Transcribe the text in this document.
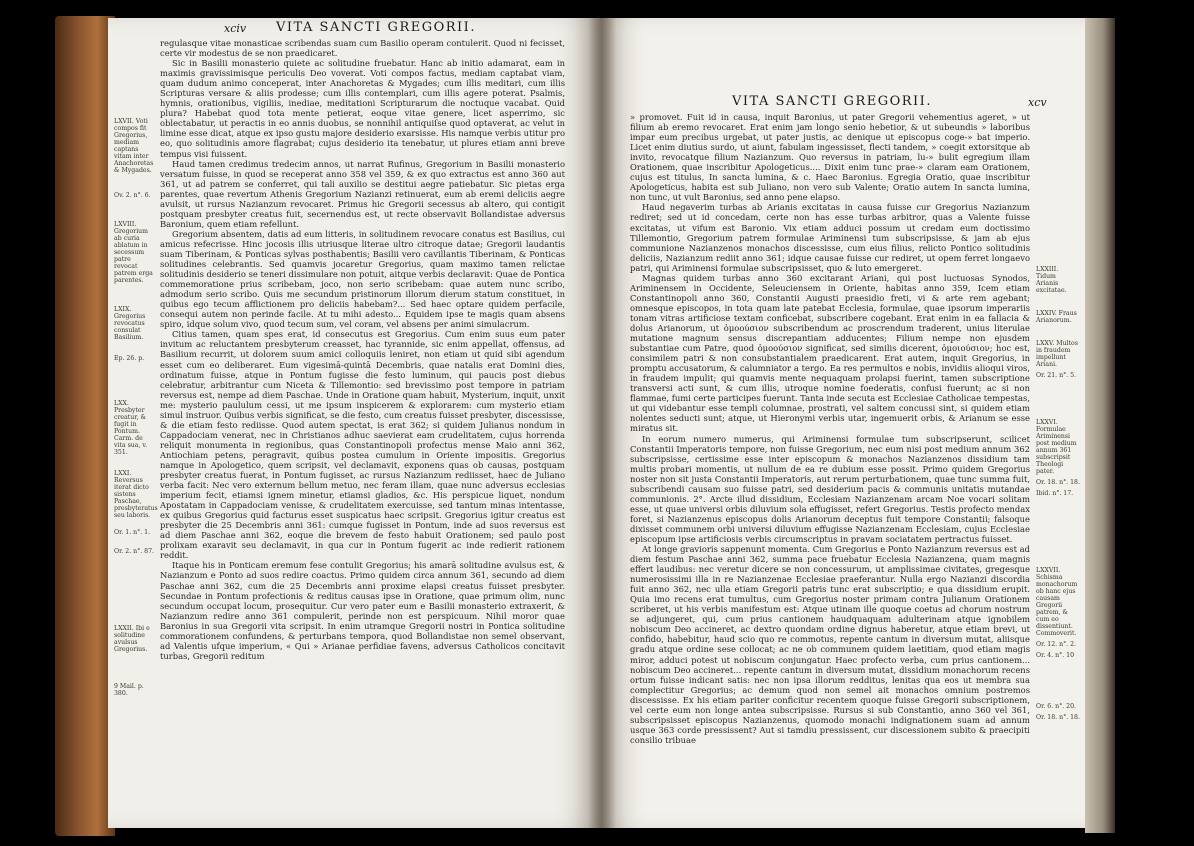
xciv VITA SANCTI GREGORII.

LXVII. Voti compos fit Gregorius, mediam captans vitam inter Anachoretas & Mygades.

Ov. 2. n°. 6.

LXVIII. Gregorium ab curia ablatum in secessum patre revocat patrem erga parentes.

LXIX. Gregorius revocatus consulat Basilium.

Ep. 26. p.

LXX. Presbyter creatur, & fugit in Pontum. Carm. de vita sua, v. 351.

LXXI. Reversus iterat dicto sistens Paschae, presbyteratus seu laboris.

Or. 1. n°. 1.

Or. 2. n°. 87.

LXXII. Ibi e solitudine avulsus Gregorius.

9 Mail. p. 380.

regulasque vitae monasticae scribendas suam cum Basilio operam contulerit. Quod ni fecisset, certe vir modestus de se non praedicaret.

Sic in Basilii monasterio quiete ac solitudine fruebatur. Hanc ab initio adamarat, eam in maximis gravissimisque periculis Deo voverat. Voti compos factus, mediam captabat viam, quam dudum animo conceperat, inter Anachoretas & Mygades; cum illis meditari, cum illis Scripturas versare & aliis prodesse; cum illis contemplari, cum illis agere poterat. Psalmis, hymnis, orationibus, vigiliis, inediae, meditationi Scripturarum die noctuque vacabat. Quid plura? Habebat quod tota mente petierat, eoque vitae genere, licet asperrimo, sic oblectabatur, ut peractis in eo annis duobus, se nonnihil antiquiſse quod optaverat, ac velut in limine esse dicat, atque ex ipso gustu majore desiderio exarsisse. His namque verbis utitur pro eo, quo solitudinis amore flagrabat; cujus desiderio ita tenebatur, ut plures etiam anni breve tempus visi fuissent.

Haud tamen credimus tredecim annos, ut narrat Rufinus, Gregorium in Basilii monasterio versatum fuisse, in quod se receperat anno 358 vel 359, & ex quo extractus est anno 360 aut 361, ut ad patrem se conferret, qui tali auxilio se destitui aegre patiebatur. Sic pietas erga parentes, quae revertum Athenis Gregorium Nazianzi retinuerat, eum ab eremi deliciis aegre avulsit, ut rursus Nazianzum revocaret. Primus hic Gregorii secessus ab altero, qui contigit postquam presbyter creatus fuit, secernendus est, ut recte observavit Bollandistae adversus Baronium, quem etiam refellunt.

Gregorium absentem, datis ad eum litteris, in solitudinem revocare conatus est Basilius, cui amicus refecrisse. Hinc jocosis illis utriusque literae ultro citroque datae; Gregorii laudantis suam Tiberinam, & Ponticas sylvas posthabentis; Basilii vero cavillantis Tiberinam, & Ponticas solitudines celebrantis. Sed quamvis jocaretur Gregorius, quam maximo tamen relictae solitudinis desiderio se teneri dissimulare non potuit, aitque verbis declaravit: Quae de Pontica commemoratione prius scribebam, joco, non serio scribebam: quae autem nunc scribo, admodum serio scribo. Quis me secundum pristinorum illorum dierum statum constituet, in quibus ego tecum afflictionem pro deliciis habebam?... Sed haec optare quidem perfacile, consequi autem non perinde facile. At tu mihi adesto... Equidem ipse te magis quam absens spiro, idque solum vivo, quod tecum sum, vel coram, vel absens per animi simulacrum.

Citius tamen, quam spes erat, id consecutus est Gregorius. Cum enim suus eum pater invitum ac reluctantem presbyterum creasset, hac tyrannide, sic enim appellat, offensus, ad Basilium recurrit, ut dolorem suum amici colloquiis leniret, non etiam ut quid sibi agendum esset cum eo deliberaret. Eum vigesimā-quintā Decembris, quae natalis erat Domini dies, ordinatum fuisse, atque in Pontum fugisse die festo luminum, qui paucis post diebus celebratur, arbitrantur cum Niceta & Tillemontio: sed brevissimo post tempore in patriam reversus est, nempe ad diem Paschae. Unde in Oratione quam habuit, Mysterium, inquit, unxit me: mysterio paululum cessi, ut me ipsum inspicerem & explorarem: cum mysterio etiam simul instruor. Quibus verbis significat, se die festo, cum creatus fuisset presbyter, discessisse, & die etiam festo rediisse. Quod autem spectat, is erat 362; si quidem Julianus nondum in Cappadociam venerat, nec in Christianos adhuc saevierat eam crudelitatem, cujus horrenda reliquit monumenta in regionibus, quas Constantinopoli profectus mense Maio anni 362, Antiochiam petens, peragravit, quibus postea cumulum in Oriente impositis. Gregorius namque in Apologetico, quem scripsit, vel declamavit, exponens quas ob causas, postquam presbyter creatus fuerat, in Pontum fugisset, ac rursus Nazianzum rediisset, haec de Juliano verba facit: Nec vero externum bellum metuo, nec feram illam, quae nunc adversus ecclesias imperium fecit, etiamsi ignem minetur, etiamsi gladios, &c. His perspicue liquet, nondum Apostatam in Cappadociam venisse, & crudelitatem exercuisse, sed tantum minas intentasse, ex quibus Gregorius quid facturus esset suspicatus haec scripsit. Gregorius igitur creatus est presbyter die 25 Decembris anni 361: cumque fugisset in Pontum, inde ad suos reversus est ad diem Paschae anni 362, eoque die brevem de festo habuit Orationem; sed paulo post prolixam exaravit seu declamavit, in qua cur in Pontum fugerit ac inde redierit rationem reddit.

Itaque his in Ponticam eremum fese contulit Gregorius; his amarā solitudine avulsus est, & Nazianzum e Ponto ad suos redire coactus. Primo quidem circa annum 361, secundo ad diem Paschae anni 362, cum die 25 Decembris anni proxime elapsi creatus fuisset presbyter. Secundae in Pontum profectionis & reditus causas ipse in Oratione, quae primum olim, nunc secundum occupat locum, prosequitur. Cur vero pater eum e Basilii monasterio extraxerit, & Nazianzum redire anno 361 compulerit, perinde non est perspicuum. Nihil moror quae Baronius in sua Gregorii vita scripsit. In enim utramque Gregorii nostri in Pontica solitudine commorationem confundens, & perturbans tempora, quod Bollandistae non semel observant, ad Valentis ufque imperium, « Qui » Arianae perfidiae favens, adversus Catholicos concitavit turbas, Gregorii reditum

VITA SANCTI GREGORII.	xcv

» promovet. Fuit id in causa, inquit Baronius, ut pater Gregorii vehementius ageret, » ut filium ab eremo revocaret. Erat enim jam longo senio hebetior, & ut subeundis » laboribus impar eum precibus urgebat, ut pater justis, ac denique ut episcopus coge-» bat imperio. Licet enim diutius surdo, ut aiunt, fabulam ingessisset, flecti tandem, » coegit extorsitque ab invito, revocatque filium Nazianzum. Quo reversus in patriam, lu-» bulit egregium illam Orationem, quae inscribitur Apologeticus.... Dixit enim tunc prae-» claram eam Orationem, cujus est titulus, In sancta lumina, & c. Haec Baronius. Egregia Oratio, quae inscribitur Apologeticus, habita est sub Juliano, non vero sub Valente; Oratio autem In sancta lumina, non tunc, ut vult Baronius, sed anno pene elapso.

Haud negaverim turbas ab Arianis excitatas in causa fuisse cur Gregorius Nazianzum rediret; sed ut id concedam, certe non has esse turbas arbitror, quas a Valente fuisse excitatas, ut vifum est Baronio. Vix etiam adduci possum ut credam eum doctissimo Tillemontio, Gregorium patrem formulae Ariminensi tum subscripsisse, & jam ab ejus communione Nazianzenos monachos discessisse, cum eius filius, relicto Pontico solitudinis deliciis, Nazianzum rediit anno 361; idque causae fuisse cur rediret, ut opem ferret longaevo patri, qui Ariminensi formulae subscripsisset, quo & luto emergeret.

Magnas quidem turbas anno 360 excitarant Ariani, qui post luctuosas Synodos, Ariminensem in Occidente, Seleuciensem in Oriente, habitas anno 359, Icem etiam Constantinopoli anno 360, Constantii Augusti praesidio freti, vi & arte rem agebant; omnesque episcopos, in tota quam late patebat Ecclesia, formulae, quae ipsorum imperariis tonam vitras artificiose textam conficebat, subscribere cogebant. Erat enim in ea fallacia & dolus Arianorum, ut ὁμοούσιον subscribendum ac proscrendum traderent, unius literulae mutatione magnum sensus discrepantiam adducentes; Filium nempe non ejusdem substantiae cum Patre, quod ὁμοούσιον significat, sed similis dicerent, ὁμοιούσιον; hoc est, consimilem patri & non consubstantialem praedicarent. Erat autem, inquit Gregorius, in promptu accusatorum, & calumniator a tergo. Ea res permultos e nobis, invidiis alioqui viros, in fraudem impulit; qui quamvis mente nequaquam prolapsi fuerint, tamen subscriptione transversi acti sunt, & cum illis, utroque nomine foederatis, confusi fuerunt; ac si non flammae, fumi certe participes fuerunt. Tanta inde secuta est Ecclesiae Catholicae tempestas, ut qui videbantur esse templi columnae, prostrati, vel saltem concussi sint, si quidem etiam nolentes seducti sunt; atque, ut Hieronymi verbis utar, ingemuerit orbis, & Arianum se esse miratus sit.

In eorum numero numerus, qui Ariminensi formulae tum subscripserunt, scilicet Constantii Imperatoris tempore, non fuisse Gregorium, nec eum nisi post medium annum 362 subscripsisse, certissime esse inter episcopum & monachos Nazianzenos dissidium tam multis probari momentis, ut nullum de ea re dubium esse possit. Primo quidem Gregorius noster non sit justa Constantii Imperatoris, aut rerum perturbationem, quae tunc summa fuit, subscribendi causam suo fuisse patri, sed desiderium pacis & communis unitatis mutandae communionis. 2°. Arcte illud dissidium, Ecclesiam Nazianzenam arcam Noe vocari solitam esse, ut quae universi orbis diluvium sola effugisset, refert Gregorius. Testis profecto mendax foret, si Nazianzenus episcopus dolis Arianorum deceptus fuit tempore Constantii; falsoque dixisset communem orbi universi diluvium effugisse Nazianzenam Ecclesiam, cujus Ecclesiae episcopum ipse artificiosis verbis circumscriptus in pravam sociatatem pertractus fuisset.

At longe gravioris sappenunt momenta. Cum Gregorius e Ponto Nazianzum reversus est ad diem festum Paschae anni 362, summa pace fruebatur Ecclesia Nazianzena, quam magnis effert laudibus: nec veretur dicere se non concessurum, ut amplissimae civitates, gregesque numerosissimi illa in re Nazianzenae Ecclesiae praeferantur. Nulla ergo Nazianzi discordia fuit anno 362, nec ulla etiam Gregorii patris tunc erat subscriptio; e qua dissidium erupit. Quia imo recens erat tumultus, cum Gregorius noster primam contra Julianum Orationem scriberet, ut his verbis manifestum est: Atque utinam ille quoque coetus ad chorum nostrum se adjungeret, qui, cum prius cantionem haudquaquam adulterinam atque ignobilem nobiscum Deo accineret, ac dextro quondam ordine dignus haberetur, atque etiam brevi, ut confido, habebitur, haud scio quo re commotus, repente cantum in diversum mutat, aliisque gradu atque ordine sese collocat; ac ne ob communem quidem laetitiam, quod etiam magis miror, adduci potest ut nobiscum conjungatur. Haec profecto verba, cum prius cantionem... nobiscum Deo accineret... repente cantum in diversum mutat, dissidium monachorum recens ortum fuisse indicant satis: nec non ipsa illorum redditus, lenitas qua eos ut membra sua complectitur Gregorius; ac demum quod non semel ait monachos omnium postremos discessisse. Ex his etiam pariter conficitur recentem quoque fuisse Gregorii subscriptionem, vel certe eum non longe antea subscripsisse. Rursus si sub Constantio, anno 360 vel 361, subscripsisset episcopus Nazianzenus, quomodo monachi indignationem suam ad annum usque 363 corde pressissent? Aut si tamdiu pressissent, cur discessionem subito & praecipiti consilio tribuae

LXXIII. Tidum Arianis excitatae.

LXXIV. Fraus Arianorum.

LXXV. Multos in fraudem impellunt Ariani.

Or. 21. n°. 5.

LXXVI. Formulae Ariminensi post medium annum 361 subscripsit Theologi pater.

Or. 18. n°. 18.

Ibid. n°. 17.

LXXVII. Schisma monachorum ob hanc ejus causam Gregorii patrem, & cum eo dissentiunt. Commoverit.

Or. 12. n°. 2.

Or. 4. n°. 10

Or. 6. n°. 20.

Or. 18. n°. 18.
